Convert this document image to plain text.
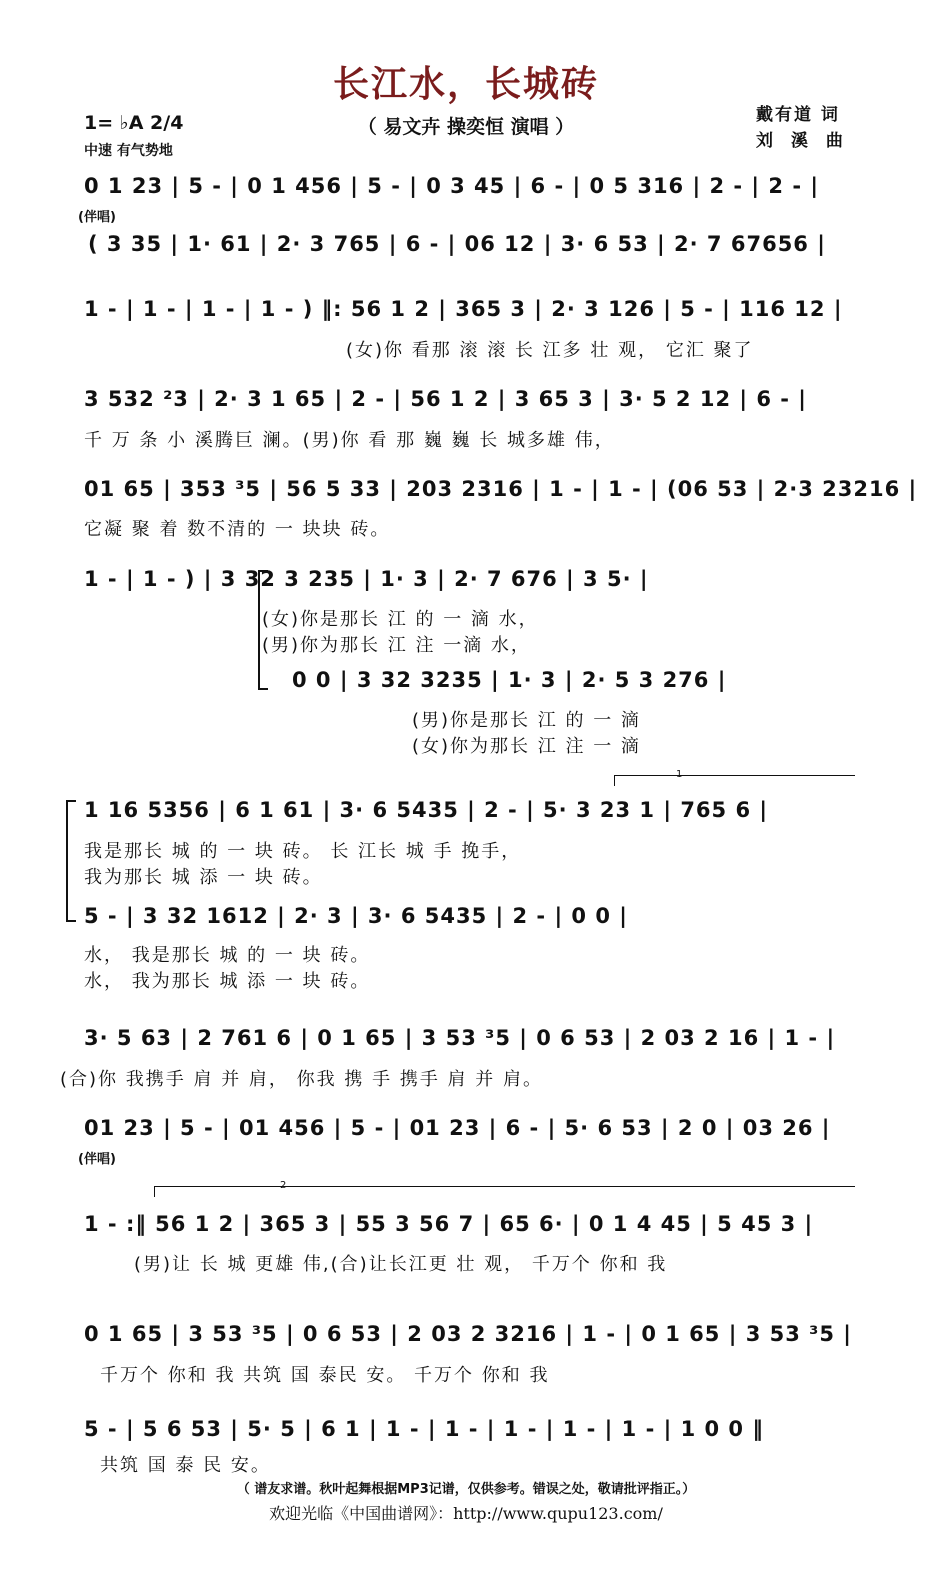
长江水，长城砖
（ 易文卉 操奕恒 演唱 ）
1= ♭A 2/4
中速 有气势地
戴有道 词
刘 溪 曲
0 1 23 | 5 - | 0 1 456 | 5 - | 0 3 45 | 6 - | 0 5 316 | 2 - | 2 - |
(伴唱)
( 3 35 | 1· 61 | 2· 3 765 | 6 - | 06 12 | 3· 6 53 | 2· 7 67656 |
1 - | 1 - | 1 - | 1 - ) ‖: 56 1 2 | 365 3 | 2· 3 126 | 5 - | 116 12 |
(女)你 看那 滚 滚 长 江多 壮 观， 它汇 聚了
3 532 ²3 | 2· 3 1 65 | 2 - | 56 1 2 | 3 65 3 | 3· 5 2 12 | 6 - |
千 万 条 小 溪腾巨 澜。(男)你 看 那 巍 巍 长 城多雄 伟，
01 65 | 353 ³5 | 56 5 33 | 203 2316 | 1 - | 1 - | (06 53 | 2·3 23216 |
它凝 聚 着 数不清的 一 块块 砖。
1 - | 1 - ) | 3 32 3 235 | 1· 3 | 2· 7 676 | 3 5· |
(女)你是那长 江 的 一 滴 水，
(男)你为那长 江 注 一滴 水，
0 0 | 3 32 3235 | 1· 3 | 2· 5 3 276 |
(男)你是那长 江 的 一 滴
(女)你为那长 江 注 一 滴
1
1 16 5356 | 6 1 61 | 3· 6 5435 | 2 - | 5· 3 23 1 | 765 6 |
我是那长 城 的 一 块 砖。 长 江长 城 手 挽手，
我为那长 城 添 一 块 砖。
5 - | 3 32 1612 | 2· 3 | 3· 6 5435 | 2 - | 0 0 |
水， 我是那长 城 的 一 块 砖。
水， 我为那长 城 添 一 块 砖。
3· 5 63 | 2 761 6 | 0 1 65 | 3 53 ³5 | 0 6 53 | 2 03 2 16 | 1 - |
(合)你 我携手 肩 并 肩， 你我 携 手 携手 肩 并 肩。
01 23 | 5 - | 01 456 | 5 - | 01 23 | 6 - | 5· 6 53 | 2 0 | 03 26 |
(伴唱)
2
1 - :‖ 56 1 2 | 365 3 | 55 3 56 7 | 65 6· | 0 1 4 45 | 5 45 3 |
(男)让 长 城 更雄 伟,(合)让长江更 壮 观， 千万个 你和 我
0 1 65 | 3 53 ³5 | 0 6 53 | 2 03 2 3216 | 1 - | 0 1 65 | 3 53 ³5 |
千万个 你和 我 共筑 国 泰民 安。 千万个 你和 我
5 - | 5 6 53 | 5· 5 | 6 1 | 1 - | 1 - | 1 - | 1 - | 1 - | 1 0 0 ‖
共筑 国 泰 民 安。
（ 谱友求谱。秋叶起舞根据MP3记谱，仅供参考。错误之处，敬请批评指正。）
欢迎光临《中国曲谱网》：http://www.qupu123.com/
